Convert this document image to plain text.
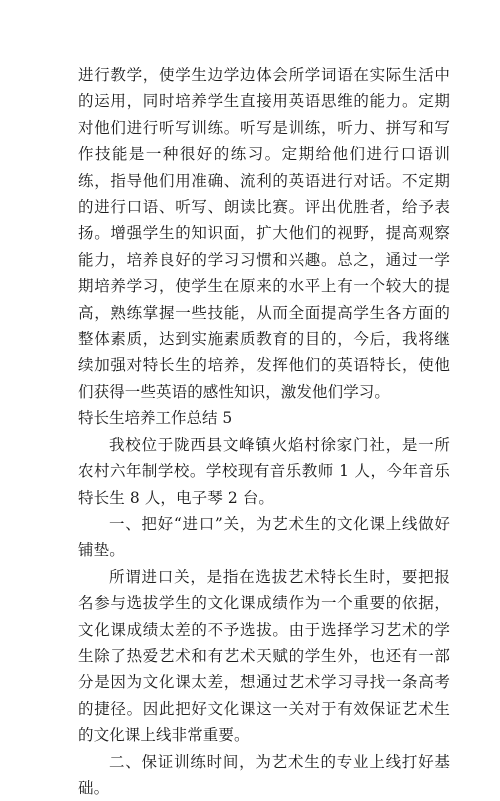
进行教学，使学生边学边体会所学词语在实际生活中的运用，同时培养学生直接用英语思维的能力。定期对他们进行听写训练。听写是训练，听力、拼写和写作技能是一种很好的练习。定期给他们进行口语训练，指导他们用准确、流利的英语进行对话。不定期的进行口语、听写、朗读比赛。评出优胜者，给予表扬。增强学生的知识面，扩大他们的视野，提高观察能力，培养良好的学习习惯和兴趣。总之，通过一学期培养学习，使学生在原来的水平上有一个较大的提高，熟练掌握一些技能，从而全面提高学生各方面的整体素质，达到实施素质教育的目的，今后，我将继续加强对特长生的培养，发挥他们的英语特长，使他们获得一些英语的感性知识，激发他们学习。

特长生培养工作总结 5

我校位于陇西县文峰镇火焰村徐家门社，是一所农村六年制学校。学校现有音乐教师 1 人，今年音乐特长生 8 人，电子琴 2 台。

一、把好“进口”关，为艺术生的文化课上线做好铺垫。

所谓进口关，是指在选拔艺术特长生时，要把报名参与选拔学生的文化课成绩作为一个重要的依据，文化课成绩太差的不予选拔。由于选择学习艺术的学生除了热爱艺术和有艺术天赋的学生外，也还有一部分是因为文化课太差，想通过艺术学习寻找一条高考的捷径。因此把好文化课这一关对于有效保证艺术生的文化课上线非常重要。

二、保证训练时间，为艺术生的专业上线打好基础。
